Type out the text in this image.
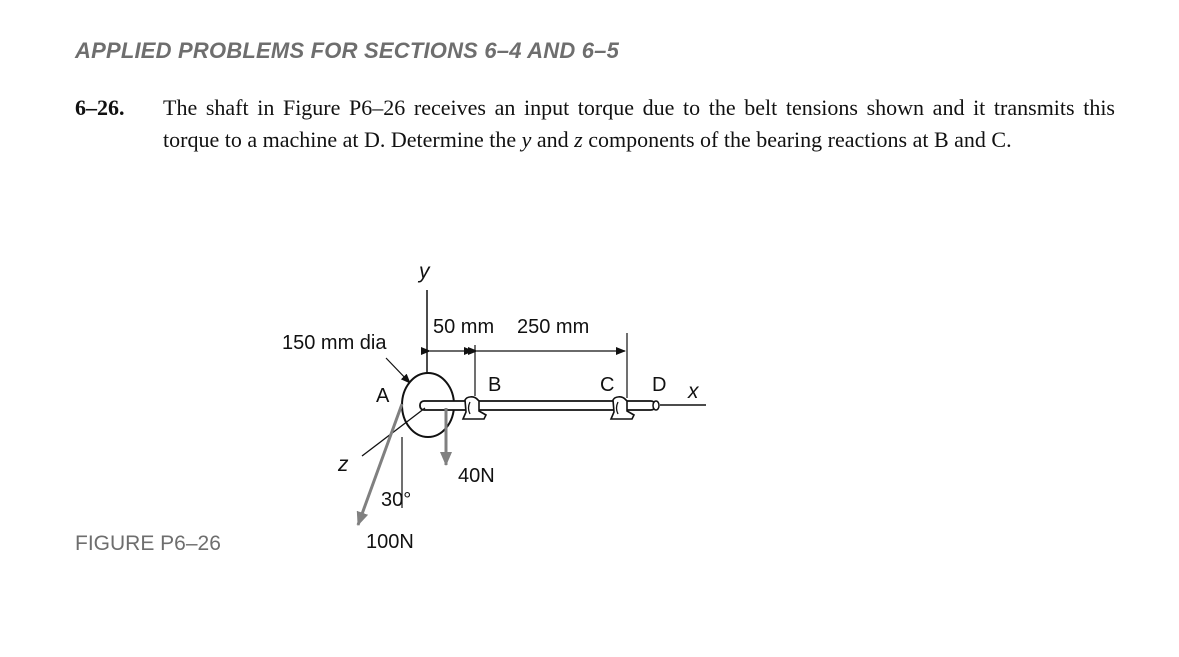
APPLIED PROBLEMS FOR SECTIONS 6–4 AND 6–5
6–26. The shaft in Figure P6–26 receives an input torque due to the belt tensions shown and it transmits this torque to a machine at D. Determine the y and z components of the bearing reactions at B and C.
FIGURE P6–26
y
50 mm 250 mm
150 mm dia
A	B	C D x
z	40N
30°
100N
